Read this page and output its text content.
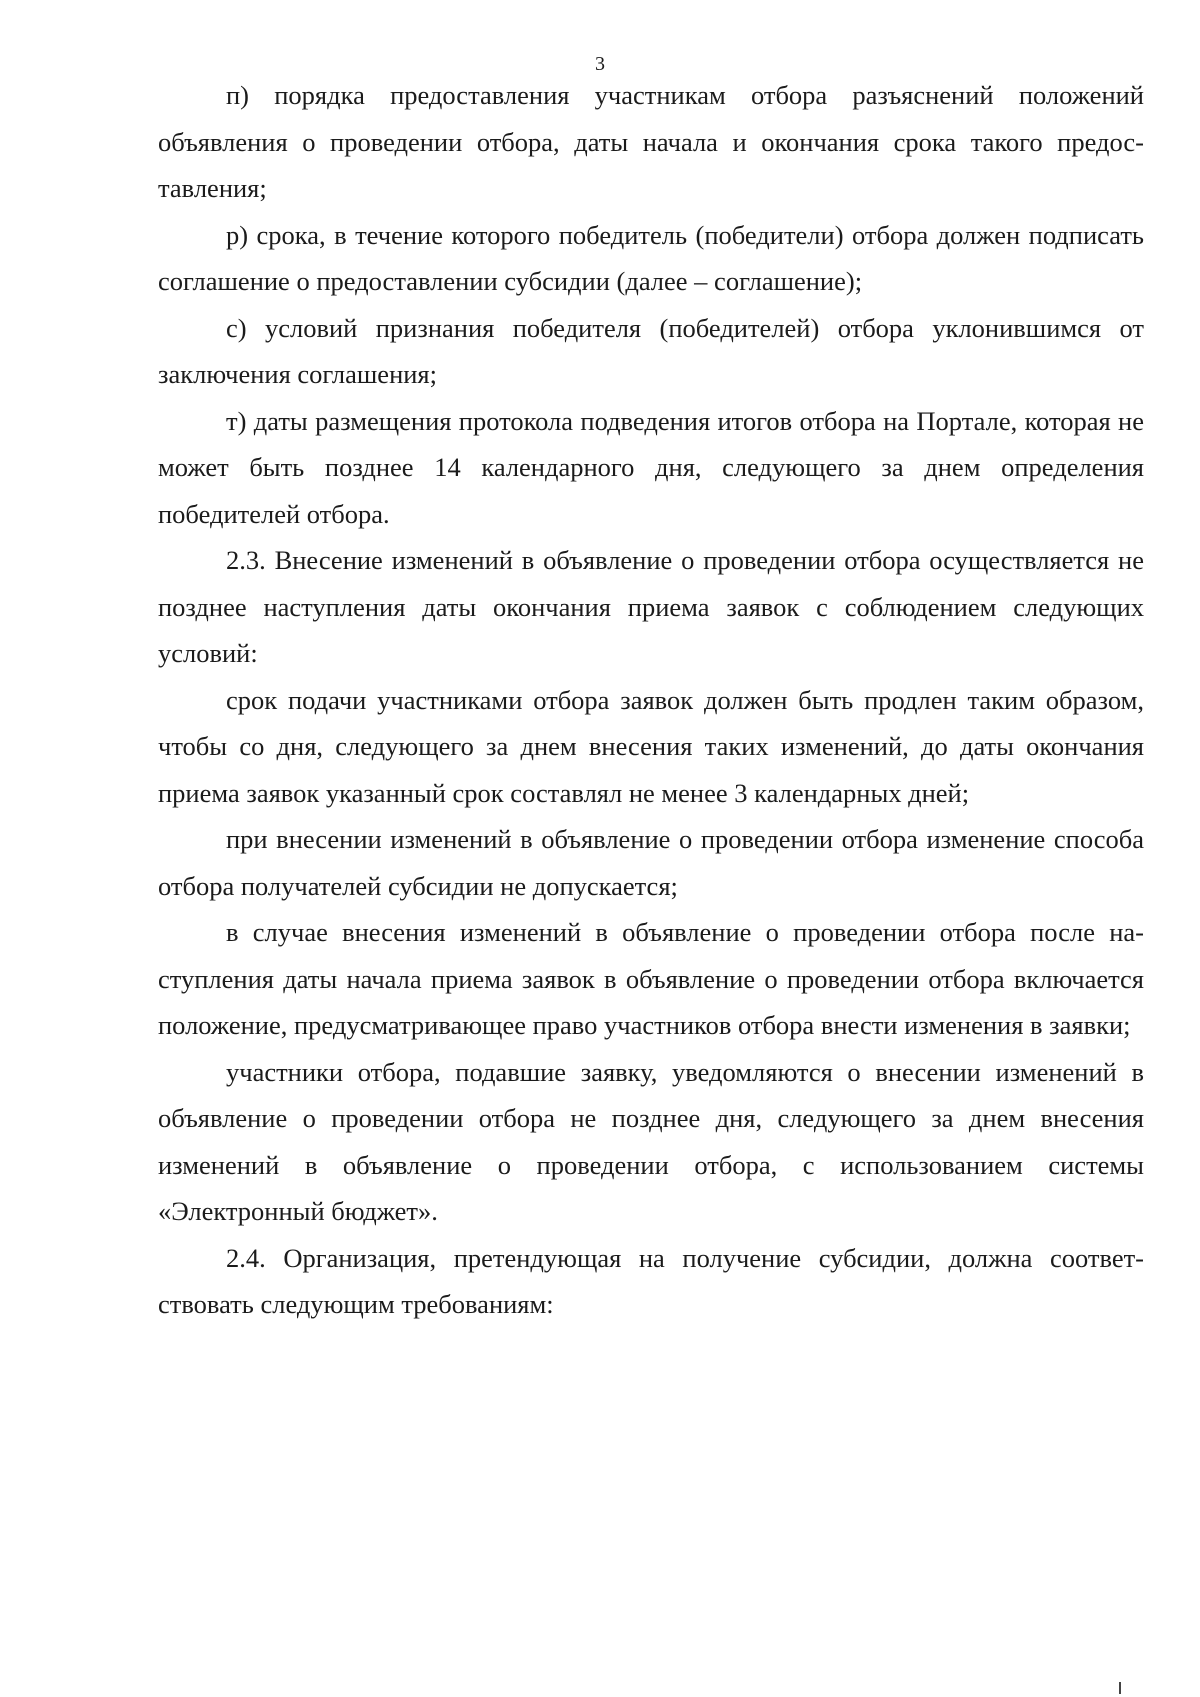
3

п) порядка предоставления участникам отбора разъяснений положений объявления о проведении отбора, даты начала и окончания срока такого предоставления;

р) срока, в течение которого победитель (победители) отбора должен подписать соглашение о предоставлении субсидии (далее – соглашение);

с) условий признания победителя (победителей) отбора уклонившимся от заключения соглашения;

т) даты размещения протокола подведения итогов отбора на Портале, которая не может быть позднее 14 календарного дня, следующего за днем определения победителей отбора.

2.3. Внесение изменений в объявление о проведении отбора осуществляется не позднее наступления даты окончания приема заявок с соблюдением следующих условий:

срок подачи участниками отбора заявок должен быть продлен таким образом, чтобы со дня, следующего за днем внесения таких изменений, до даты окончания приема заявок указанный срок составлял не менее 3 календарных дней;

при внесении изменений в объявление о проведении отбора изменение способа отбора получателей субсидии не допускается;

в случае внесения изменений в объявление о проведении отбора после наступления даты начала приема заявок в объявление о проведении отбора включается положение, предусматривающее право участников отбора внести изменения в заявки;

участники отбора, подавшие заявку, уведомляются о внесении изменений в объявление о проведении отбора не позднее дня, следующего за днем внесения изменений в объявление о проведении отбора, с использованием системы «Электронный бюджет».

2.4. Организация, претендующая на получение субсидии, должна соответствовать следующим требованиям:
